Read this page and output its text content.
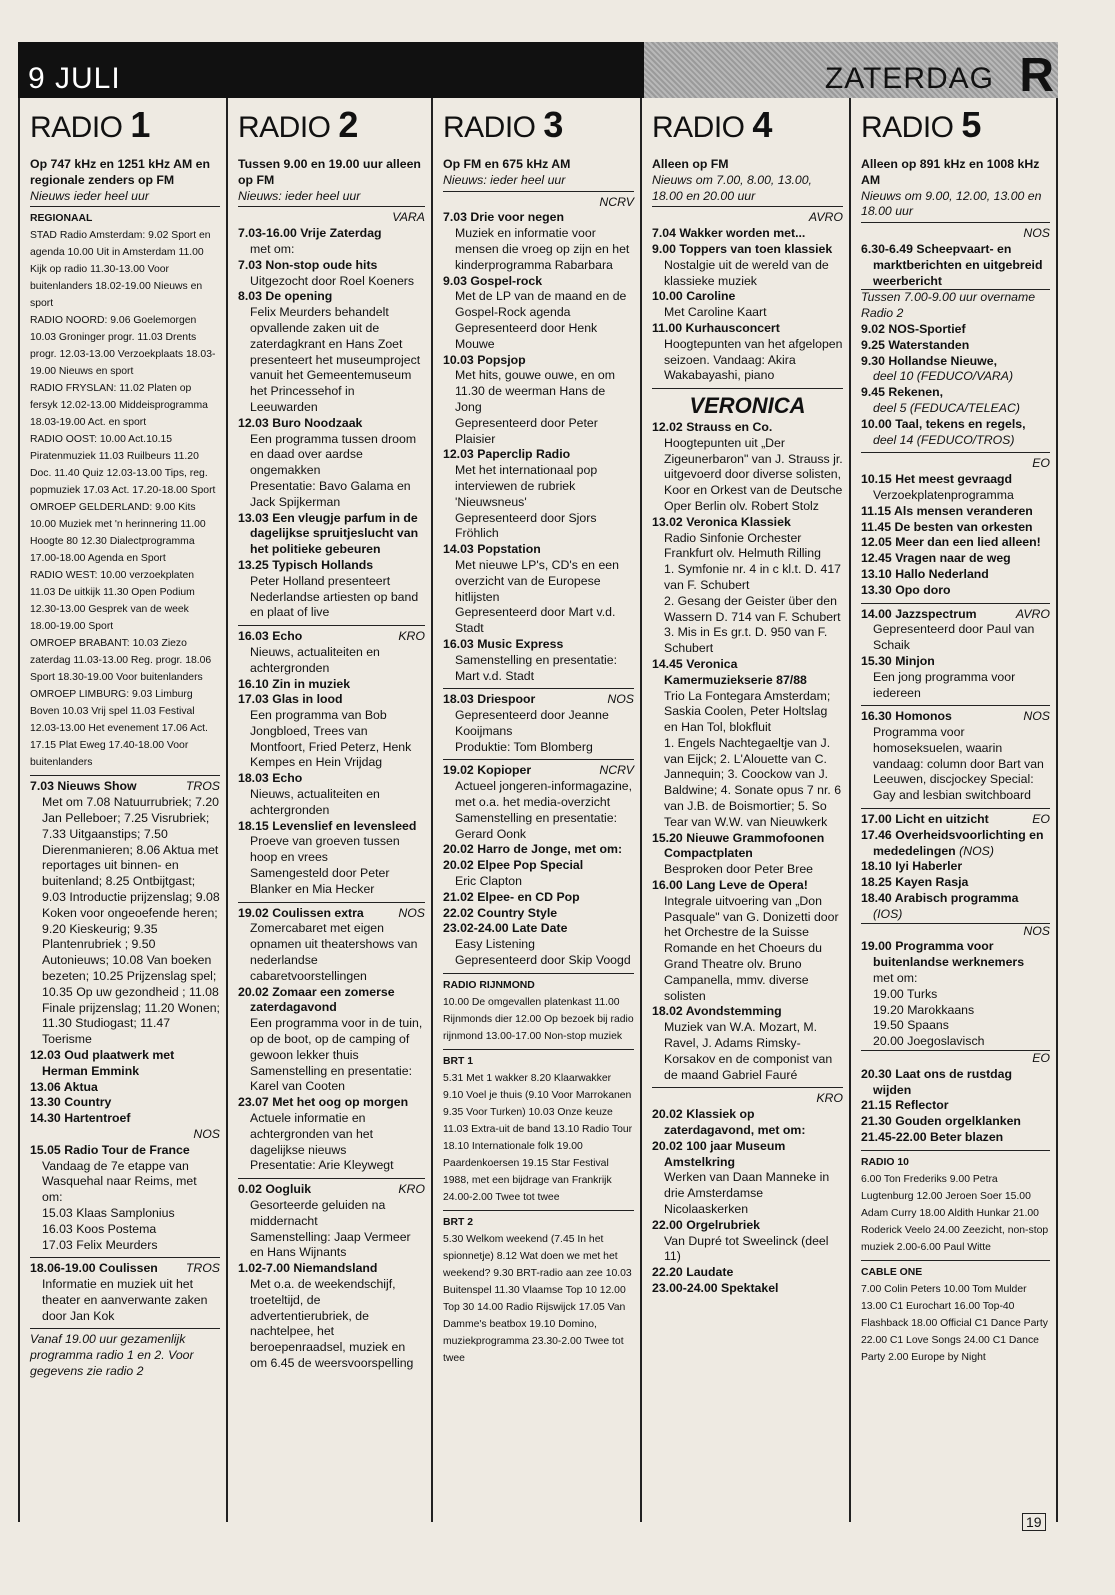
9 JULI	ZATERDAG R
RADIO 1
Op 747 kHz en 1251 kHz AM en regionale zenders op FM
Nieuws ieder heel uur
REGIONAAL
STAD Radio Amsterdam: 9.02 Sport en agenda 10.00 Uit in Amsterdam 11.00 Kijk op radio 11.30-13.00 Voor buitenlanders 18.02-19.00 Nieuws en sport
RADIO NOORD: 9.06 Goelemorgen 10.03 Groninger progr. 11.03 Drents progr. 12.03-13.00 Verzoekplaats 18.03-19.00 Nieuws en sport
RADIO FRYSLAN: 11.02 Platen op fersyk 12.02-13.00 Middeisprogramma 18.03-19.00 Act. en sport
RADIO OOST: 10.00 Act.10.15 Piratenmuziek 11.03 Ruilbeurs 11.20 Doc. 11.40 Quiz 12.03-13.00 Tips, reg. popmuziek 17.03 Act. 17.20-18.00 Sport
OMROEP GELDERLAND: 9.00 Kits 10.00 Muziek met 'n herinnering 11.00 Hoogte 80 12.30 Dialectprogramma 17.00-18.00 Agenda en Sport
RADIO WEST: 10.00 verzoekplaten 11.03 De uitkijk 11.30 Open Podium 12.30-13.00 Gesprek van de week 18.00-19.00 Sport
OMROEP BRABANT: 10.03 Ziezo zaterdag 11.03-13.00 Reg. progr. 18.06 Sport 18.30-19.00 Voor buitenlanders
OMROEP LIMBURG: 9.03 Limburg Boven 10.03 Vrij spel 11.03 Festival 12.03-13.00 Het evenement 17.06 Act. 17.15 Plat Eweg 17.40-18.00 Voor buitenlanders
7.03 Nieuws Show	TROS
Met om 7.08 Natuurrubriek; 7.20 Jan Pelleboer; 7.25 Visrubriek; 7.33 Uitgaanstips; 7.50 Dierenmanieren; 8.06 Aktua met reportages uit binnen- en buitenland; 8.25 Ontbijtgast; 9.03 Introductie prijzenslag; 9.08 Koken voor ongeoefende heren; 9.20 Kieskeurig; 9.35 Plantenrubriek ; 9.50 Autonieuws; 10.08 Van boeken bezeten; 10.25 Prijzenslag spel; 10.35 Op uw gezondheid ; 11.08 Finale prijzenslag; 11.20 Wonen; 11.30 Studiogast; 11.47 Toerisme
12.03 Oud plaatwerk met Herman Emmink
13.06 Aktua
13.30 Country
14.30 Hartentroef
NOS
15.05 Radio Tour de France
Vandaag de 7e etappe van Wasquehal naar Reims, met om:
15.03 Klaas Samplonius
16.03 Koos Postema
17.03 Felix Meurders
18.06-19.00 Coulissen TROS
Informatie en muziek uit het theater en aanverwante zaken door Jan Kok
Vanaf 19.00 uur gezamenlijk programma radio 1 en 2. Voor gegevens zie radio 2
RADIO 2
Tussen 9.00 en 19.00 uur alleen op FM
Nieuws: ieder heel uur
VARA
7.03-16.00 Vrije Zaterdag
met om:
7.03 Non-stop oude hits
Uitgezocht door Roel Koeners
8.03 De opening
Felix Meurders behandelt opvallende zaken uit de zaterdagkrant en Hans Zoet presenteert het museumproject vanuit het Gemeentemuseum het Princessehof in Leeuwarden
12.03 Buro Noodzaak
Een programma tussen droom en daad over aardse ongemakken
Presentatie: Bavo Galama en Jack Spijkerman
13.03 Een vleugje parfum in de dagelijkse spruitjeslucht van het politieke gebeuren
13.25 Typisch Hollands
Peter Holland presenteert Nederlandse artiesten op band en plaat of live
16.03 Echo	KRO
Nieuws, actualiteiten en achtergronden
16.10 Zin in muziek
17.03 Glas in lood
Een programma van Bob Jongbloed, Trees van Montfoort, Fried Peterz, Henk Kempes en Hein Vrijdag
18.03 Echo
Nieuws, actualiteiten en achtergronden
18.15 Levenslief en levensleed
Proeve van groeven tussen hoop en vrees
Samengesteld door Peter Blanker en Mia Hecker
19.02 Coulissen extra	NOS
Zomercabaret met eigen opnamen uit theatershows van nederlandse cabaretvoorstellingen
20.02 Zomaar een zomerse zaterdagavond
Een programma voor in de tuin, op de boot, op de camping of gewoon lekker thuis
Samenstelling en presentatie: Karel van Cooten
23.07 Met het oog op morgen
Actuele informatie en achtergronden van het dagelijkse nieuws
Presentatie: Arie Kleywegt
0.02 Oogluik	KRO
Gesorteerde geluiden na middernacht
Samenstelling: Jaap Vermeer en Hans Wijnants
1.02-7.00 Niemandsland
Met o.a. de weekendschijf, troeteltijd, de advertentierubriek, de nachtelpee, het beroepenraadsel, muziek en om 6.45 de weersvoorspelling
RADIO 3
Op FM en 675 kHz AM
Nieuws: ieder heel uur
NCRV
7.03 Drie voor negen
Muziek en informatie voor mensen die vroeg op zijn en het kinderprogramma Rabarbara
9.03 Gospel-rock
Met de LP van de maand en de Gospel-Rock agenda Gepresenteerd door Henk Mouwe
10.03 Popsjop
Met hits, gouwe ouwe, en om 11.30 de weerman Hans de Jong
Gepresenteerd door Peter Plaisier
12.03 Paperclip Radio
Met het internationaal pop interviewen de rubriek 'Nieuwsneus'
Gepresenteerd door Sjors Fröhlich
14.03 Popstation
Met nieuwe LP's, CD's en een overzicht van de Europese hitlijsten
Gepresenteerd door Mart v.d. Stadt
16.03 Music Express
Samenstelling en presentatie: Mart v.d. Stadt
18.03 Driespoor	NOS
Gepresenteerd door Jeanne Kooijmans
Produktie: Tom Blomberg
19.02 Kopioper	NCRV
Actueel jongeren-informagazine, met o.a. het media-overzicht
Samenstelling en presentatie: Gerard Oonk
20.02 Harro de Jonge, met om:
20.02 Elpee Pop Special
Eric Clapton
21.02 Elpee- en CD Pop
22.02 Country Style
23.02-24.00 Late Date
Easy Listening
Gepresenteerd door Skip Voogd
RADIO RIJNMOND
10.00 De omgevallen platenkast 11.00 Rijnmonds dier 12.00 Op bezoek bij radio rijnmond 13.00-17.00 Non-stop muziek
BRT 1
5.31 Met 1 wakker 8.20 Klaarwakker 9.10 Voel je thuis (9.10 Voor Marrokanen 9.35 Voor Turken) 10.03 Onze keuze 11.03 Extra-uit de band 13.10 Radio Tour 18.10 Internationale folk 19.00 Paardenkoersen 19.15 Star Festival 1988, met een bijdrage van Frankrijk 24.00-2.00 Twee tot twee
BRT 2
5.30 Welkom weekend (7.45 In het spionnetje) 8.12 Wat doen we met het weekend? 9.30 BRT-radio aan zee 10.03 Buitenspel 11.30 Vlaamse Top 10 12.00 Top 30 14.00 Radio Rijswijck 17.05 Van Damme's beatbox 19.10 Domino, muziekprogramma 23.30-2.00 Twee tot twee
RADIO 4
Alleen op FM
Nieuws om 7.00, 8.00, 13.00, 18.00 en 20.00 uur
AVRO
7.04 Wakker worden met...
9.00 Toppers van toen klassiek
Nostalgie uit de wereld van de klassieke muziek
10.00 Caroline
Met Caroline Kaart
11.00 Kurhausconcert
Hoogtepunten van het afgelopen seizoen. Vandaag: Akira Wakabayashi, piano
VERONICA
12.02 Strauss en Co.
Hoogtepunten uit „Der Zigeunerbaron" van J. Strauss jr. uitgevoerd door diverse solisten, Koor en Orkest van de Deutsche Oper Berlin olv. Robert Stolz
13.02 Veronica Klassiek
Radio Sinfonie Orchester Frankfurt olv. Helmuth Rilling
1. Symfonie nr. 4 in c kl.t. D. 417 van F. Schubert
2. Gesang der Geister über den Wassern D. 714 van F. Schubert
3. Mis in Es gr.t. D. 950 van F. Schubert
14.45 Veronica Kamermuziekserie 87/88
Trio La Fontegara Amsterdam; Saskia Coolen, Peter Holtslag en Han Tol, blokfluit
1. Engels Nachtegaeltje van J. van Eijck; 2. L'Alouette van C. Jannequin; 3. Coockow van J. Baldwine; 4. Sonate opus 7 nr. 6 van J.B. de Boismortier; 5. So Tear van W.W. van Nieuwkerk
15.20 Nieuwe Grammofoonen Compactplaten
Besproken door Peter Bree
16.00 Lang Leve de Opera!
Integrale uitvoering van „Don Pasquale" van G. Donizetti door het Orchestre de la Suisse Romande en het Choeurs du Grand Theatre olv. Bruno Campanella, mmv. diverse solisten
18.02 Avondstemming
Muziek van W.A. Mozart, M. Ravel, J. Adams Rimsky-Korsakov en de componist van de maand Gabriel Fauré
KRO
20.02 Klassiek op zaterdagavond, met om:
20.02 100 jaar Museum Amstelkring
Werken van Daan Manneke in drie Amsterdamse Nicolaaskerken
22.00 Orgelrubriek
Van Dupré tot Sweelinck (deel 11)
22.20 Laudate
23.00-24.00 Spektakel
RADIO 5
Alleen op 891 kHz en 1008 kHz AM
Nieuws om 9.00, 12.00, 13.00 en 18.00 uur
NOS
6.30-6.49 Scheepvaart- en marktberichten en uitgebreid weerbericht
Tussen 7.00-9.00 uur overname Radio 2
9.02 NOS-Sportief
9.25 Waterstanden
9.30 Hollandse Nieuwe,
deel 10 (FEDUCO/VARA)
9.45 Rekenen,
deel 5 (FEDUCA/TELEAC)
10.00 Taal, tekens en regels,
deel 14 (FEDUCO/TROS)
EO
10.15 Het meest gevraagd
Verzoekplatenprogramma
11.15 Als mensen veranderen
11.45 De besten van orkesten
12.05 Meer dan een lied alleen!
12.45 Vragen naar de weg
13.10 Hallo Nederland
13.30 Opo doro
14.00 Jazzspectrum	AVRO
Gepresenteerd door Paul van Schaik
15.30 Minjon
Een jong programma voor iedereen
16.30 Homonos	NOS
Programma voor homoseksuelen, waarin vandaag: column door Bart van Leeuwen, discjockey Special: Gay and lesbian switchboard
17.00 Licht en uitzicht	EO
17.46 Overheidsvoorlichting en mededelingen (NOS)
18.10 Iyi Haberler
18.25 Kayen Rasja
18.40 Arabisch programma (IOS)
NOS
19.00 Programma voor buitenlandse werknemers
met om:
19.00 Turks
19.20 Marokkaans
19.50 Spaans
20.00 Joegoslavisch
EO
20.30 Laat ons de rustdag wijden
21.15 Reflector
21.30 Gouden orgelklanken
21.45-22.00 Beter blazen
RADIO 10
6.00 Ton Frederiks 9.00 Petra Lugtenburg 12.00 Jeroen Soer 15.00 Adam Curry 18.00 Aldith Hunkar 21.00 Roderick Veelo 24.00 Zeezicht, non-stop muziek 2.00-6.00 Paul Witte
CABLE ONE
7.00 Colin Peters 10.00 Tom Mulder 13.00 C1 Eurochart 16.00 Top-40 Flashback 18.00 Official C1 Dance Party 22.00 C1 Love Songs 24.00 C1 Dance Party 2.00 Europe by Night
19
